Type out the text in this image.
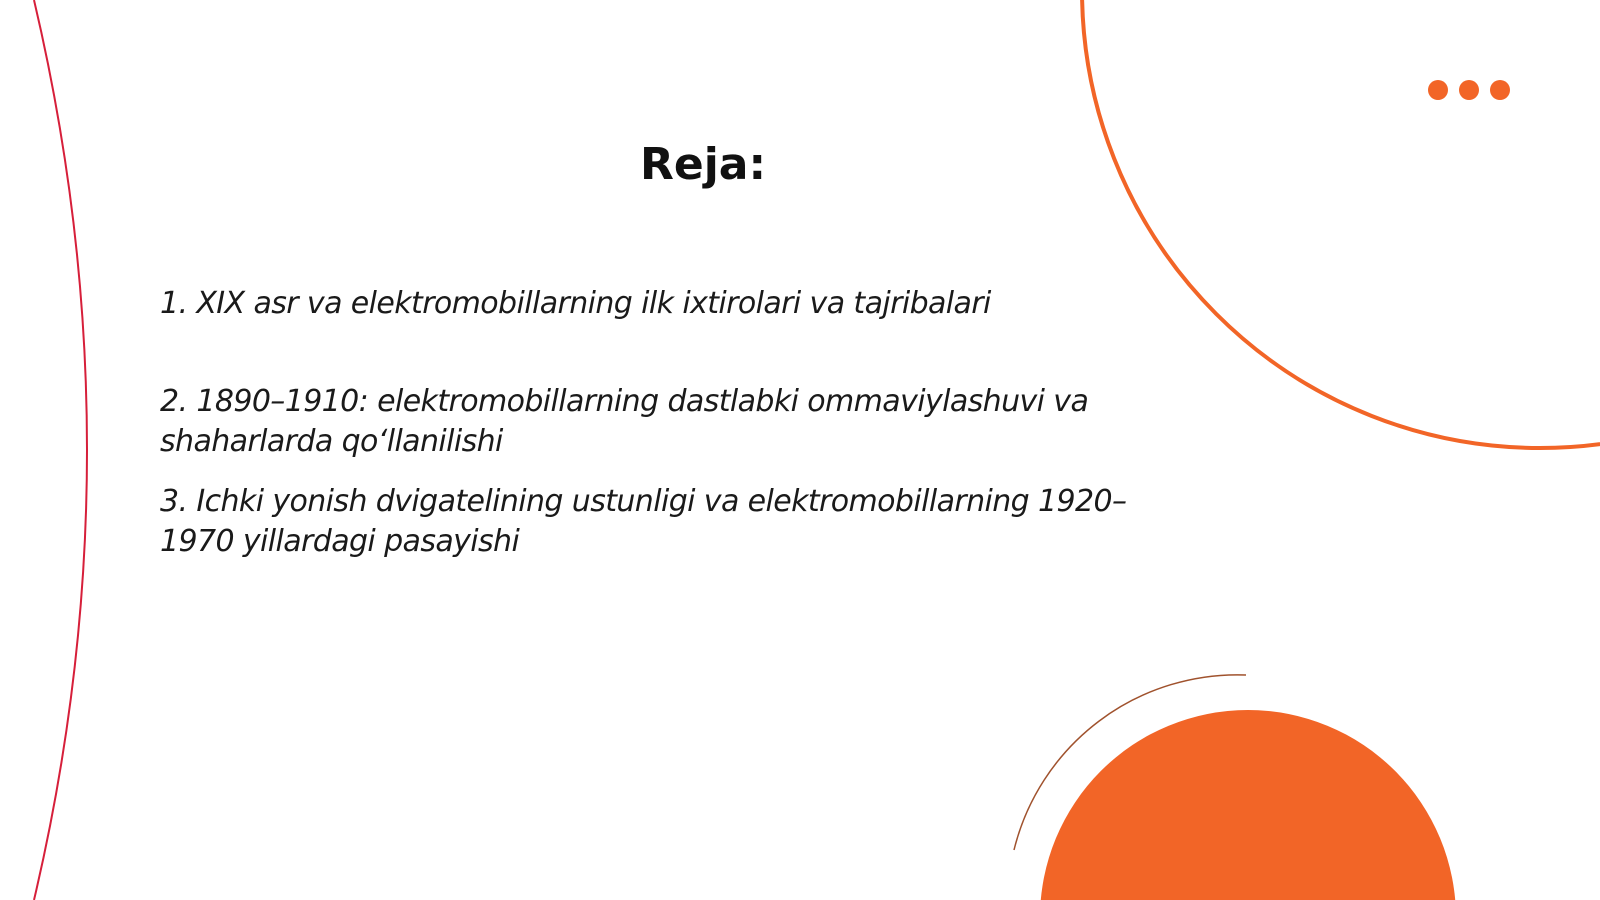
Reja:
1. XIX asr va elektromobillarning ilk ixtirolari va tajribalari
2. 1890–1910: elektromobillarning dastlabki ommaviylashuvi va shaharlarda qo‘llanilishi
3. Ichki yonish dvigatelining ustunligi va elektromobillarning 1920–1970 yillardagi pasayishi
